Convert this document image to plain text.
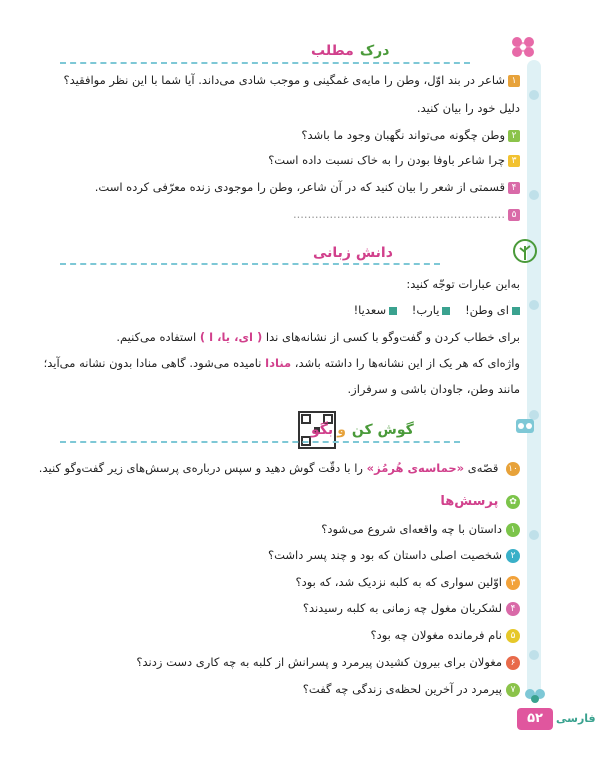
درک
مطلب
۱شاعر در بند اوّل، وطن را مایه‌ی غمگینی و موجب شادی می‌داند. آیا شما با این نظر موافقید؟
دلیل خود را بیان کنید.
۲وطن چگونه می‌تواند نگهبان وجود ما باشد؟
۳چرا شاعر باوفا بودن را به خاک نسبت داده است؟
۴قسمتی از شعر را بیان کنید که در آن شاعر، وطن را موجودی زنده معرّفی کرده است.
۵..........................................................
دانش زبانی
به‌این عبارات توجّه کنید:
ای وطن!    یارب!    سعدیا!
برای خطاب کردن و گفت‌وگو با کسی از نشانه‌های ندا ( ای، یا، ا ) استفاده می‌کنیم.
واژه‌ای که هر یک از این نشانه‌ها را داشته باشد، منادا نامیده می‌شود. گاهی منادا بدون نشانه می‌آید؛
مانند وطن، جاودان باشی و سرفراز.
گوش کن
و
بگو
۱۰ قصّه‌ی «حماسه‌ی هُرمُز» را با دقّت گوش دهید و سپس درباره‌ی پرسش‌های زیر گفت‌وگو کنید.
✿ پرسش‌ها
۱داستان با چه واقعه‌ای شروع می‌شود؟
۲شخصیت اصلی داستان که بود و چند پسر داشت؟
۳اوّلین سواری که به کلبه نزدیک شد، که بود؟
۴لشکریان مغول چه زمانی به کلبه رسیدند؟
۵نام فرمانده مغولان چه بود؟
۶مغولان برای بیرون کشیدن پیرمرد و پسرانش از کلبه به چه کاری دست زدند؟
۷پیرمرد در آخرین لحظه‌ی زندگی چه گفت؟
۵۲	فارسی
